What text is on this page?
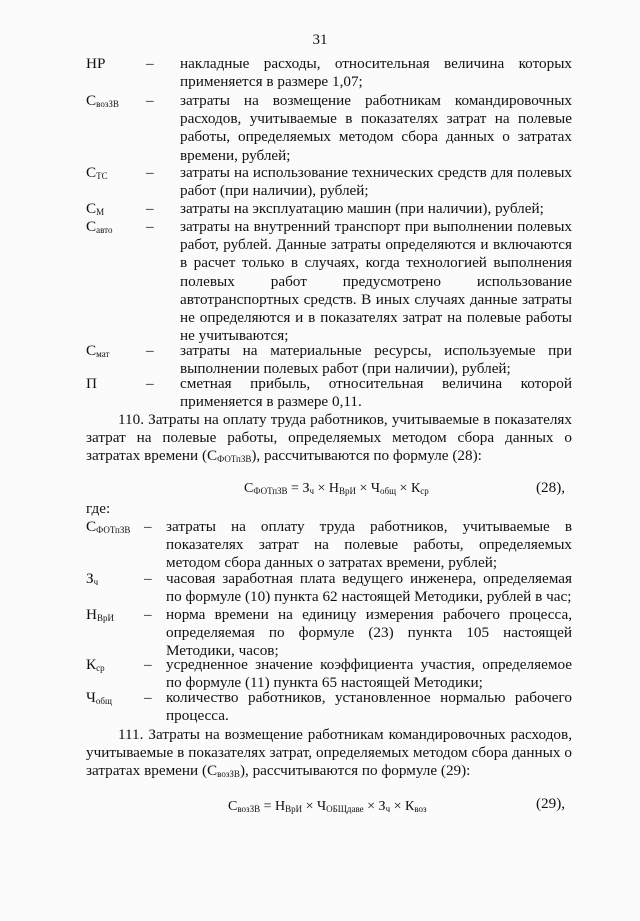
31
НР	– накладные расходы, относительная величина которых применяется в размере 1,07;
$С_{возЗВ}$ – затраты на возмещение работникам командировочных расходов, учитываемые в показателях затрат на полевые работы, определяемых методом сбора данных о затратах времени, рублей;
$С_{ТС}$	– затраты на использование технических средств для полевых работ (при наличии), рублей;
$С_М$	– затраты на эксплуатацию машин (при наличии), рублей;
$С_{авто}$ – затраты на внутренний транспорт при выполнении полевых работ, рублей. Данные затраты определяются и включаются в расчет только в случаях, когда технологией выполнения полевых работ предусмотрено использование автотранспортных средств. В иных случаях данные затраты не определяются и в показателях затрат на полевые работы не учитываются;
$С_{мат}$ – затраты на материальные ресурсы, используемые при выполнении полевых работ (при наличии), рублей;
П	– сметная прибыль, относительная величина которой применяется в размере 0,11.
110. Затраты на оплату труда работников, учитываемые в показателях затрат на полевые работы, определяемых методом сбора данных о затратах времени $(С_{ФОТпЗВ})$, рассчитываются по формуле (28):
$С_{ФОТпЗВ} = З_ч \times Н_{ВрИ} \times Ч_{общ} \times К_{ср}$	(28),
где:
$С_{ФОТпЗВ}$ – затраты на оплату труда работников, учитываемые в показателях затрат на полевые работы, определяемых методом сбора данных о затратах времени, рублей;
$З_ч$	– часовая заработная плата ведущего инженера, определяемая по формуле (10) пункта 62 настоящей Методики, рублей в час;
$Н_{ВрИ}$ – норма времени на единицу измерения рабочего процесса, определяемая по формуле (23) пункта 105 настоящей Методики, часов;
$К_{ср}$	– усредненное значение коэффициента участия, определяемое по формуле (11) пункта 65 настоящей Методики;
$Ч_{общ}$ – количество работников, установленное нормалью рабочего процесса.
111. Затраты на возмещение работникам командировочных расходов, учитываемые в показателях затрат, определяемых методом сбора данных о затратах времени $(С_{возЗВ})$, рассчитываются по формуле (29):
$С_{возЗВ} = Н_{ВрИ} \times Ч_{ОБЩдаве} \times З_ч \times К_{воз}$	(29),
